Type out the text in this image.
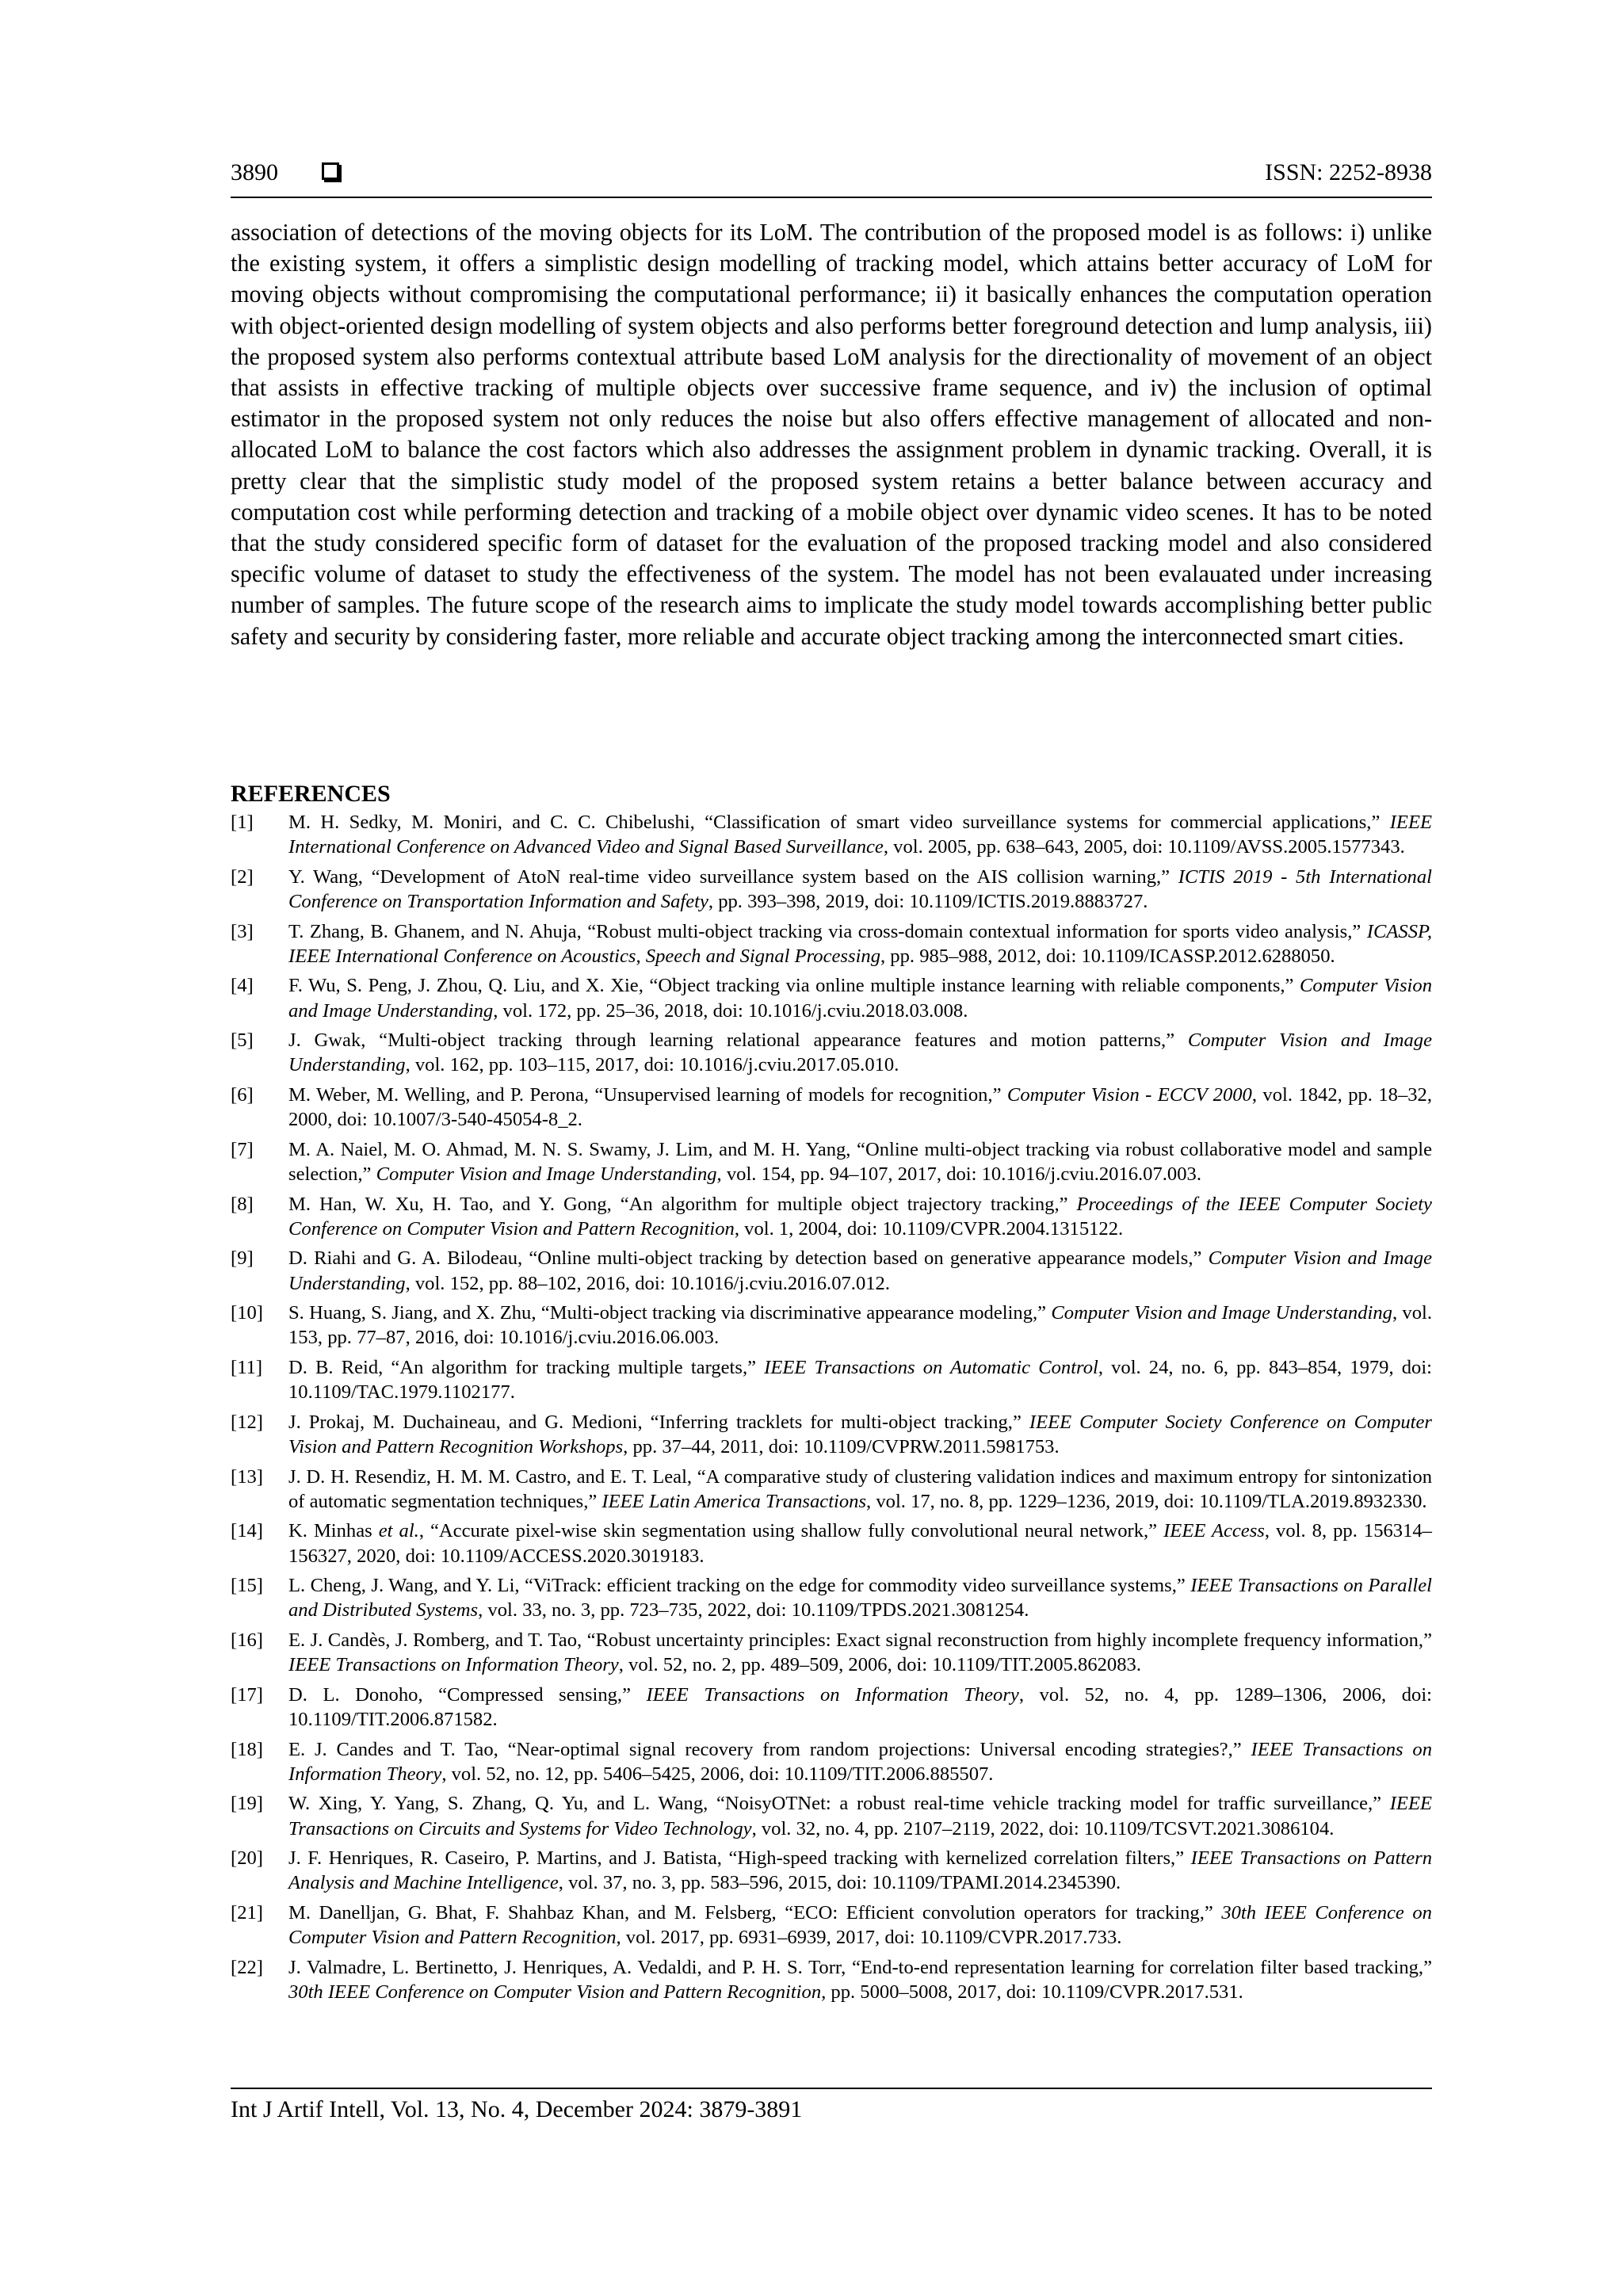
3890	ISSN: 2252-8938

association of detections of the moving objects for its LoM. The contribution of the proposed model is as follows: i) unlike the existing system, it offers a simplistic design modelling of tracking model, which attains better accuracy of LoM for moving objects without compromising the computational performance; ii) it basically enhances the computation operation with object-oriented design modelling of system objects and also performs better foreground detection and lump analysis, iii) the proposed system also performs contextual attribute based LoM analysis for the directionality of movement of an object that assists in effective tracking of multiple objects over successive frame sequence, and iv) the inclusion of optimal estimator in the proposed system not only reduces the noise but also offers effective management of allocated and non-allocated LoM to balance the cost factors which also addresses the assignment problem in dynamic tracking. Overall, it is pretty clear that the simplistic study model of the proposed system retains a better balance between accuracy and computation cost while performing detection and tracking of a mobile object over dynamic video scenes. It has to be noted that the study considered specific form of dataset for the evaluation of the proposed tracking model and also considered specific volume of dataset to study the effectiveness of the system. The model has not been evalauated under increasing number of samples. The future scope of the research aims to implicate the study model towards accomplishing better public safety and security by considering faster, more reliable and accurate object tracking among the interconnected smart cities.

REFERENCES
[1] M. H. Sedky, M. Moniri, and C. C. Chibelushi, “Classification of smart video surveillance systems for commercial applications,” IEEE International Conference on Advanced Video and Signal Based Surveillance, vol. 2005, pp. 638–643, 2005, doi: 10.1109/AVSS.2005.1577343.
[2] Y. Wang, “Development of AtoN real-time video surveillance system based on the AIS collision warning,” ICTIS 2019 - 5th International Conference on Transportation Information and Safety, pp. 393–398, 2019, doi: 10.1109/ICTIS.2019.8883727.
[3] T. Zhang, B. Ghanem, and N. Ahuja, “Robust multi-object tracking via cross-domain contextual information for sports video analysis,” ICASSP, IEEE International Conference on Acoustics, Speech and Signal Processing, pp. 985–988, 2012, doi: 10.1109/ICASSP.2012.6288050.
[4] F. Wu, S. Peng, J. Zhou, Q. Liu, and X. Xie, “Object tracking via online multiple instance learning with reliable components,” Computer Vision and Image Understanding, vol. 172, pp. 25–36, 2018, doi: 10.1016/j.cviu.2018.03.008.
[5] J. Gwak, “Multi-object tracking through learning relational appearance features and motion patterns,” Computer Vision and Image Understanding, vol. 162, pp. 103–115, 2017, doi: 10.1016/j.cviu.2017.05.010.
[6] M. Weber, M. Welling, and P. Perona, “Unsupervised learning of models for recognition,” Computer Vision - ECCV 2000, vol. 1842, pp. 18–32, 2000, doi: 10.1007/3-540-45054-8_2.
[7] M. A. Naiel, M. O. Ahmad, M. N. S. Swamy, J. Lim, and M. H. Yang, “Online multi-object tracking via robust collaborative model and sample selection,” Computer Vision and Image Understanding, vol. 154, pp. 94–107, 2017, doi: 10.1016/j.cviu.2016.07.003.
[8] M. Han, W. Xu, H. Tao, and Y. Gong, “An algorithm for multiple object trajectory tracking,” Proceedings of the IEEE Computer Society Conference on Computer Vision and Pattern Recognition, vol. 1, 2004, doi: 10.1109/CVPR.2004.1315122.
[9] D. Riahi and G. A. Bilodeau, “Online multi-object tracking by detection based on generative appearance models,” Computer Vision and Image Understanding, vol. 152, pp. 88–102, 2016, doi: 10.1016/j.cviu.2016.07.012.
[10] S. Huang, S. Jiang, and X. Zhu, “Multi-object tracking via discriminative appearance modeling,” Computer Vision and Image Understanding, vol. 153, pp. 77–87, 2016, doi: 10.1016/j.cviu.2016.06.003.
[11] D. B. Reid, “An algorithm for tracking multiple targets,” IEEE Transactions on Automatic Control, vol. 24, no. 6, pp. 843–854, 1979, doi: 10.1109/TAC.1979.1102177.
[12] J. Prokaj, M. Duchaineau, and G. Medioni, “Inferring tracklets for multi-object tracking,” IEEE Computer Society Conference on Computer Vision and Pattern Recognition Workshops, pp. 37–44, 2011, doi: 10.1109/CVPRW.2011.5981753.
[13] J. D. H. Resendiz, H. M. M. Castro, and E. T. Leal, “A comparative study of clustering validation indices and maximum entropy for sintonization of automatic segmentation techniques,” IEEE Latin America Transactions, vol. 17, no. 8, pp. 1229–1236, 2019, doi: 10.1109/TLA.2019.8932330.
[14] K. Minhas et al., “Accurate pixel-wise skin segmentation using shallow fully convolutional neural network,” IEEE Access, vol. 8, pp. 156314–156327, 2020, doi: 10.1109/ACCESS.2020.3019183.
[15] L. Cheng, J. Wang, and Y. Li, “ViTrack: efficient tracking on the edge for commodity video surveillance systems,” IEEE Transactions on Parallel and Distributed Systems, vol. 33, no. 3, pp. 723–735, 2022, doi: 10.1109/TPDS.2021.3081254.
[16] E. J. Candès, J. Romberg, and T. Tao, “Robust uncertainty principles: Exact signal reconstruction from highly incomplete frequency information,” IEEE Transactions on Information Theory, vol. 52, no. 2, pp. 489–509, 2006, doi: 10.1109/TIT.2005.862083.
[17] D. L. Donoho, “Compressed sensing,” IEEE Transactions on Information Theory, vol. 52, no. 4, pp. 1289–1306, 2006, doi: 10.1109/TIT.2006.871582.
[18] E. J. Candes and T. Tao, “Near-optimal signal recovery from random projections: Universal encoding strategies?,” IEEE Transactions on Information Theory, vol. 52, no. 12, pp. 5406–5425, 2006, doi: 10.1109/TIT.2006.885507.
[19] W. Xing, Y. Yang, S. Zhang, Q. Yu, and L. Wang, “NoisyOTNet: a robust real-time vehicle tracking model for traffic surveillance,” IEEE Transactions on Circuits and Systems for Video Technology, vol. 32, no. 4, pp. 2107–2119, 2022, doi: 10.1109/TCSVT.2021.3086104.
[20] J. F. Henriques, R. Caseiro, P. Martins, and J. Batista, “High-speed tracking with kernelized correlation filters,” IEEE Transactions on Pattern Analysis and Machine Intelligence, vol. 37, no. 3, pp. 583–596, 2015, doi: 10.1109/TPAMI.2014.2345390.
[21] M. Danelljan, G. Bhat, F. Shahbaz Khan, and M. Felsberg, “ECO: Efficient convolution operators for tracking,” 30th IEEE Conference on Computer Vision and Pattern Recognition, vol. 2017, pp. 6931–6939, 2017, doi: 10.1109/CVPR.2017.733.
[22] J. Valmadre, L. Bertinetto, J. Henriques, A. Vedaldi, and P. H. S. Torr, “End-to-end representation learning for correlation filter based tracking,” 30th IEEE Conference on Computer Vision and Pattern Recognition, pp. 5000–5008, 2017, doi: 10.1109/CVPR.2017.531.
Int J Artif Intell, Vol. 13, No. 4, December 2024: 3879-3891
